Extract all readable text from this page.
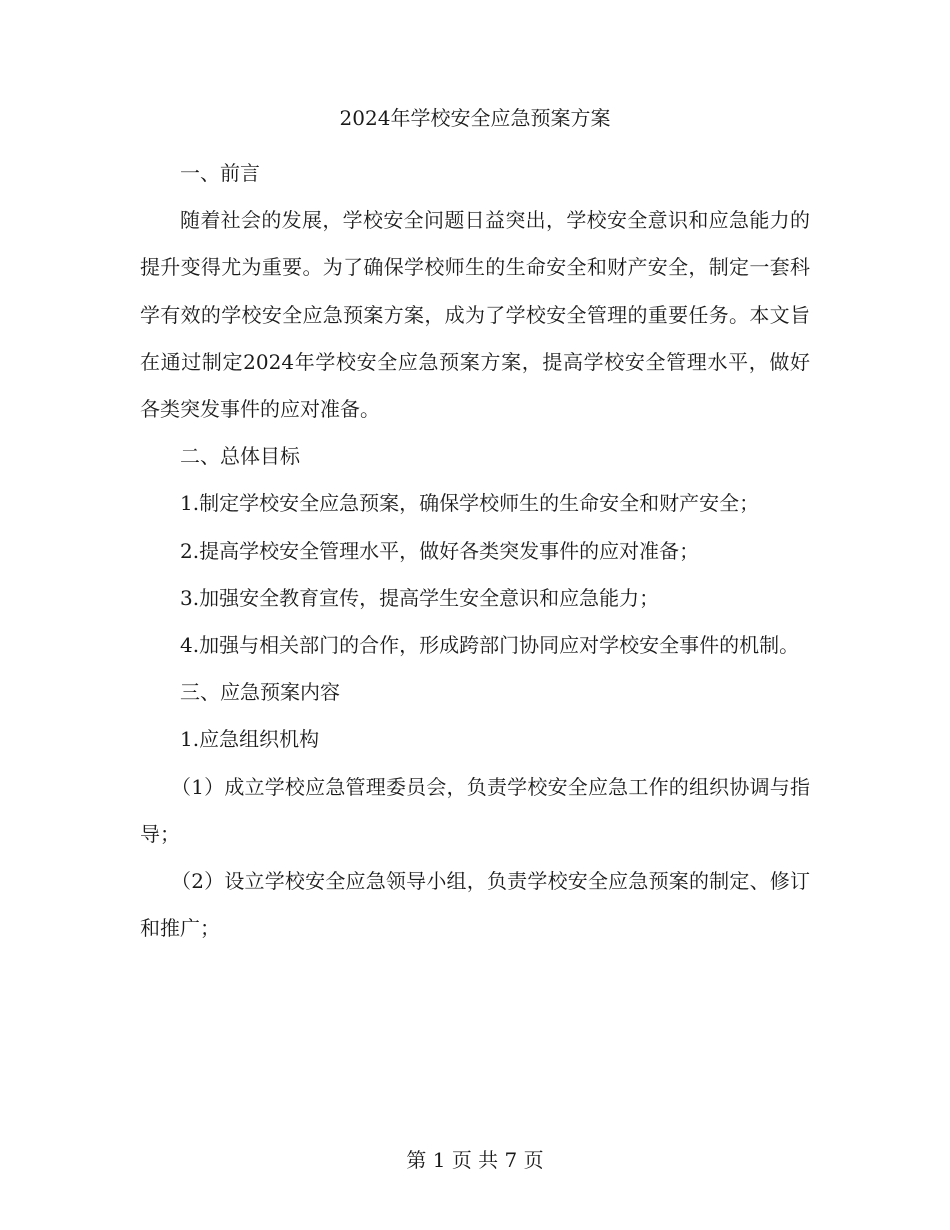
2024年学校安全应急预案方案

一、前言

随着社会的发展，学校安全问题日益突出，学校安全意识和应急能力的提升变得尤为重要。为了确保学校师生的生命安全和财产安全，制定一套科学有效的学校安全应急预案方案，成为了学校安全管理的重要任务。本文旨在通过制定2024年学校安全应急预案方案，提高学校安全管理水平，做好各类突发事件的应对准备。

二、总体目标

1.制定学校安全应急预案，确保学校师生的生命安全和财产安全；

2.提高学校安全管理水平，做好各类突发事件的应对准备；

3.加强安全教育宣传，提高学生安全意识和应急能力；

4.加强与相关部门的合作，形成跨部门协同应对学校安全事件的机制。

三、应急预案内容

1.应急组织机构

（1）成立学校应急管理委员会，负责学校安全应急工作的组织协调与指导；

（2）设立学校安全应急领导小组，负责学校安全应急预案的制定、修订和推广；

第 1 页 共 7 页
